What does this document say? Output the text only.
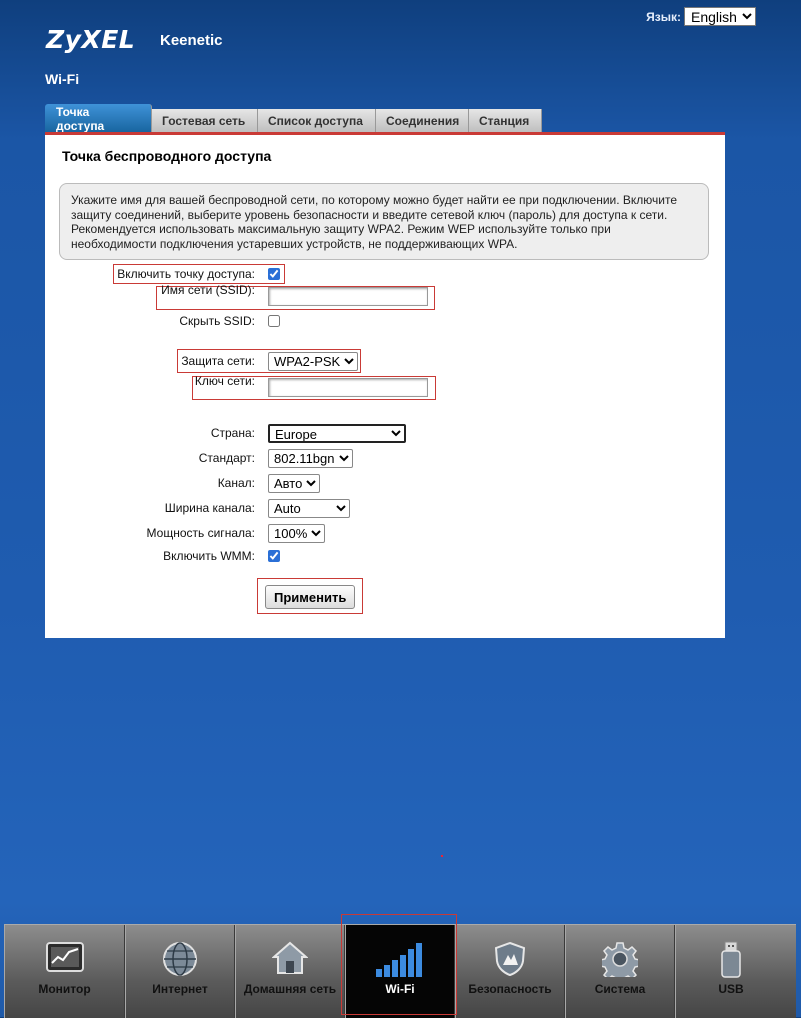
ZyXEL Keenetic
Язык:
English
Wi-Fi
Точка доступа	Гостевая сеть	Список доступа	Соединения	Станция
Точка беспроводного доступа
Укажите имя для вашей беспроводной сети, по которому можно будет найти ее при подключении. Включите защиту соединений, выберите уровень безопасности и введите сетевой ключ (пароль) для доступа к сети. Рекомендуется использовать максимальную защиту WPA2. Режим WEP используйте только при необходимости подключения устаревших устройств, не поддерживающих WPA.
Включить точку доступа:
Имя сети (SSID):
Скрыть SSID:
Защита сети:
WPA2-PSK
Ключ сети:
Страна:
Europe
Стандарт:
802.11bgn
Канал:
Авто
Ширина канала:
Auto
Мощность сигнала:
100%
Включить WMM:
Применить
Монитор	Интернет	Домашняя сеть	Wi-Fi	Безопасность	Система	USB
